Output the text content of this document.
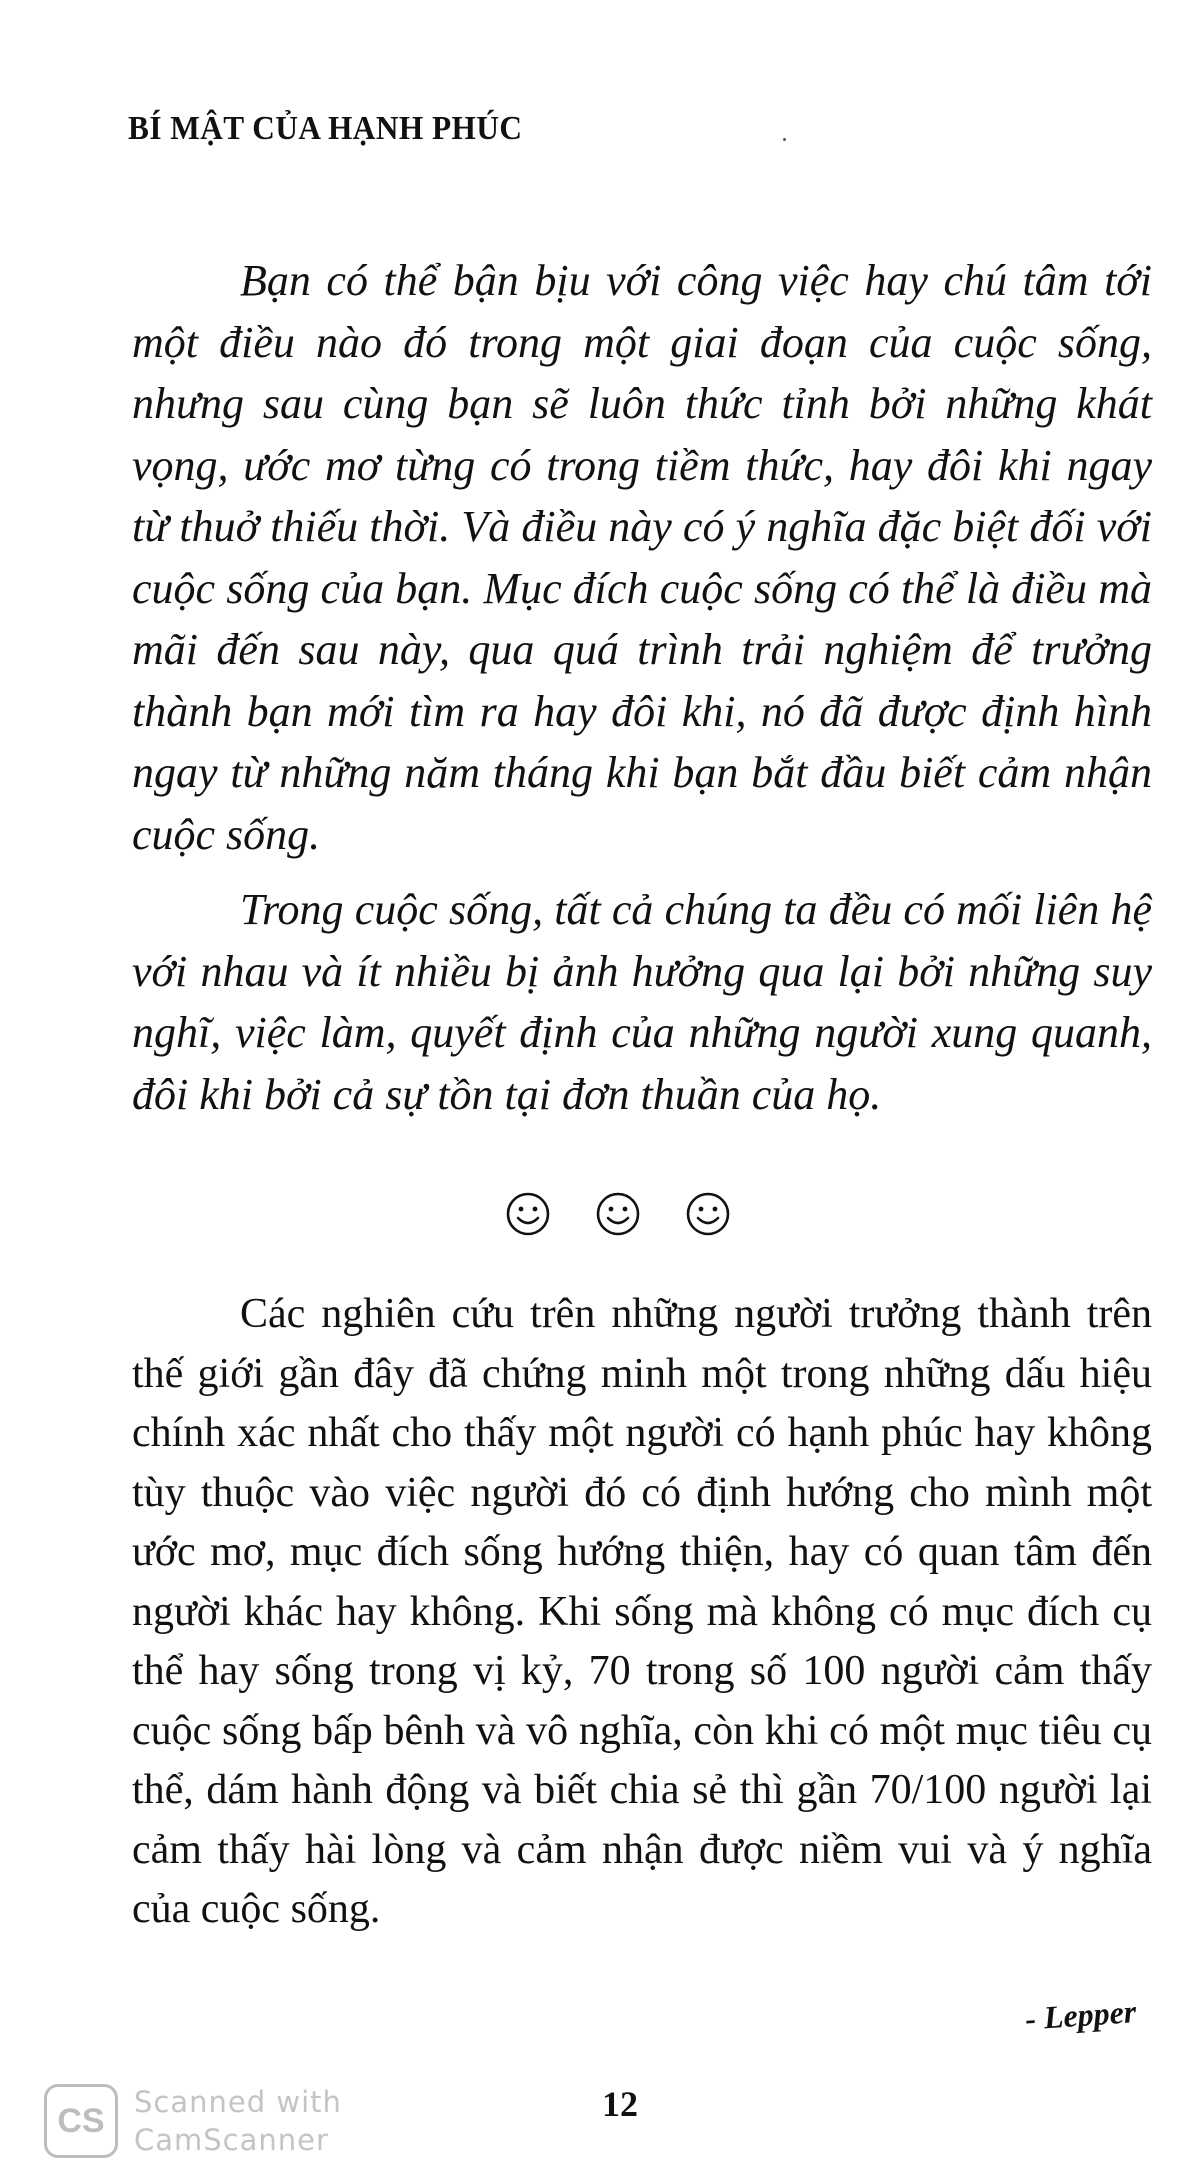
BÍ MẬT CỦA HẠNH PHÚC

Bạn có thể bận bịu với công việc hay chú tâm tới một điều nào đó trong một giai đoạn của cuộc sống, nhưng sau cùng bạn sẽ luôn thức tỉnh bởi những khát vọng, ước mơ từng có trong tiềm thức, hay đôi khi ngay từ thuở thiếu thời. Và điều này có ý nghĩa đặc biệt đối với cuộc sống của bạn. Mục đích cuộc sống có thể là điều mà mãi đến sau này, qua quá trình trải nghiệm để trưởng thành bạn mới tìm ra hay đôi khi, nó đã được định hình ngay từ những năm tháng khi bạn bắt đầu biết cảm nhận cuộc sống.

Trong cuộc sống, tất cả chúng ta đều có mối liên hệ với nhau và ít nhiều bị ảnh hưởng qua lại bởi những suy nghĩ, việc làm, quyết định của những người xung quanh, đôi khi bởi cả sự tồn tại đơn thuần của họ.

Các nghiên cứu trên những người trưởng thành trên thế giới gần đây đã chứng minh một trong những dấu hiệu chính xác nhất cho thấy một người có hạnh phúc hay không tùy thuộc vào việc người đó có định hướng cho mình một ước mơ, mục đích sống hướng thiện, hay có quan tâm đến người khác hay không. Khi sống mà không có mục đích cụ thể hay sống trong vị kỷ, 70 trong số 100 người cảm thấy cuộc sống bấp bênh và vô nghĩa, còn khi có một mục tiêu cụ thể, dám hành động và biết chia sẻ thì gần 70/100 người lại cảm thấy hài lòng và cảm nhận được niềm vui và ý nghĩa của cuộc sống.

- Lepper
CS	Scanned with
CamScanner
12
